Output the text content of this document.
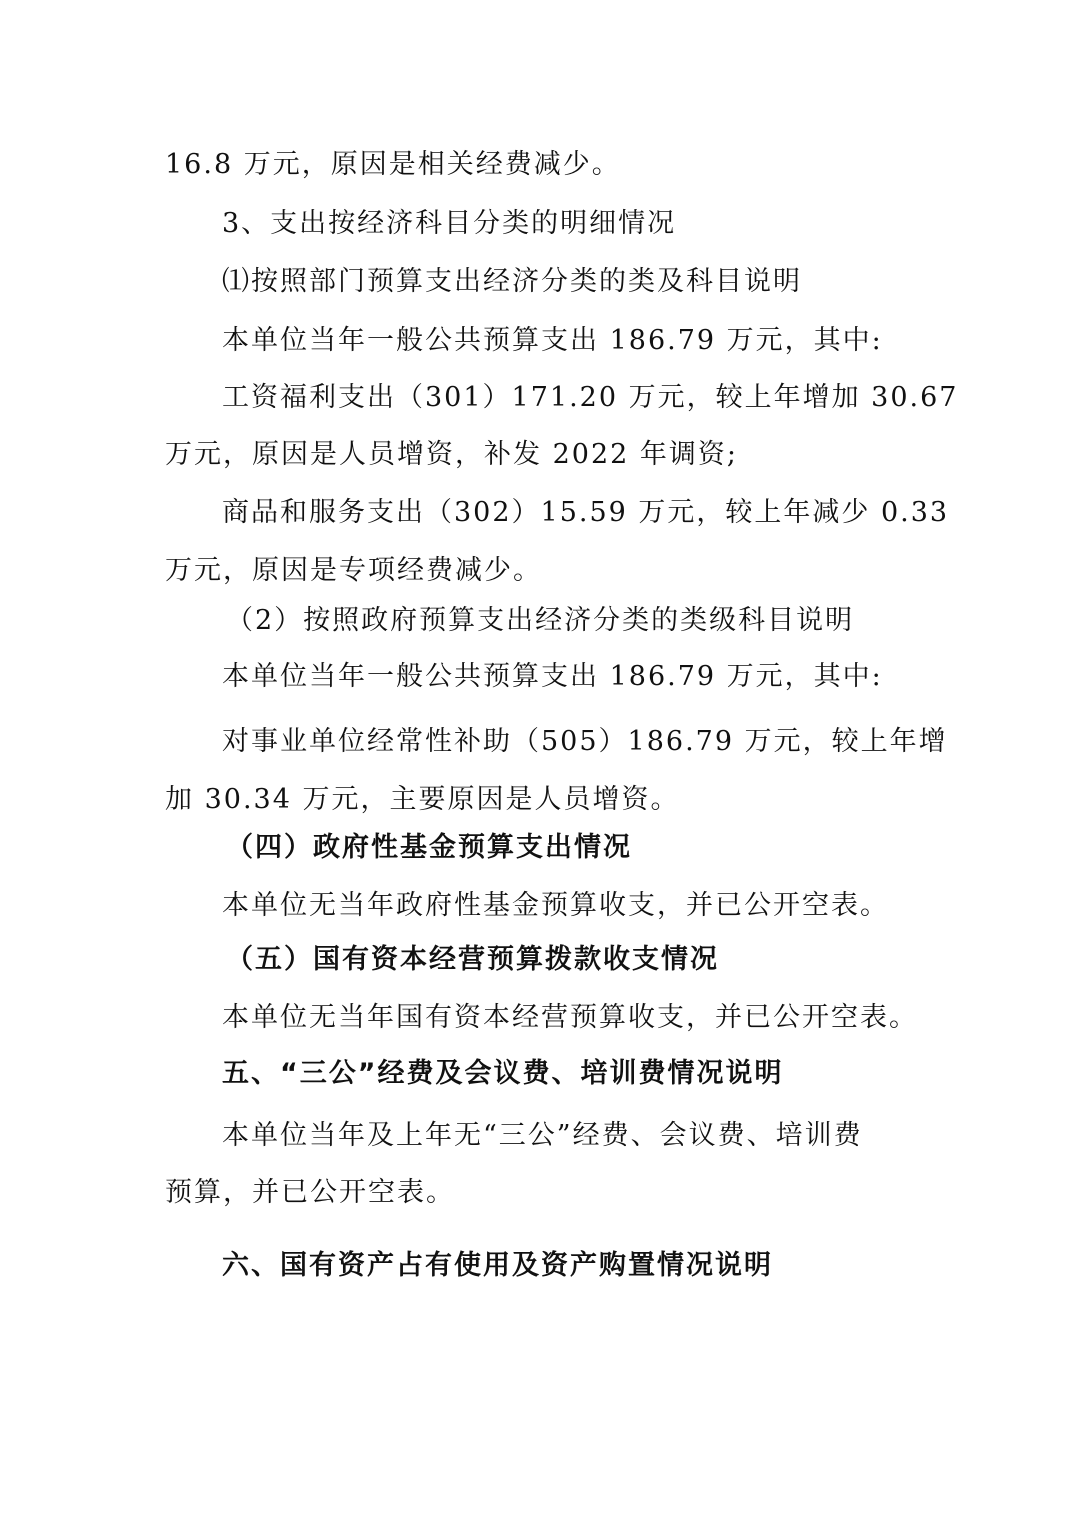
16.8 万元，原因是相关经费减少。
3、支出按经济科目分类的明细情况
⑴按照部门预算支出经济分类的类及科目说明
本单位当年一般公共预算支出 186.79 万元，其中:
工资福利支出（301）171.20 万元，较上年增加 30.67
万元，原因是人员增资，补发 2022 年调资;
商品和服务支出（302）15.59 万元，较上年减少 0.33
万元，原因是专项经费减少。
（2）按照政府预算支出经济分类的类级科目说明
本单位当年一般公共预算支出 186.79 万元，其中:
对事业单位经常性补助（505）186.79 万元，较上年增
加 30.34 万元，主要原因是人员增资。
（四）政府性基金预算支出情况
本单位无当年政府性基金预算收支，并已公开空表。
（五）国有资本经营预算拨款收支情况
本单位无当年国有资本经营预算收支，并已公开空表。
五、“三公”经费及会议费、培训费情况说明
本单位当年及上年无“三公”经费、会议费、培训费
预算，并已公开空表。
六、国有资产占有使用及资产购置情况说明
